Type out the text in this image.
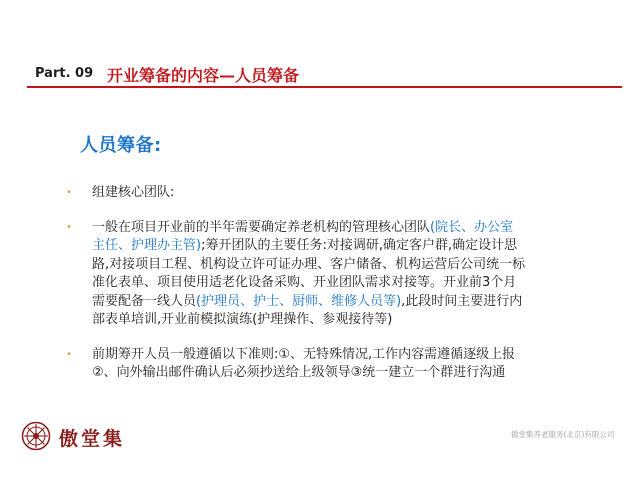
Part. 09 开业筹备的内容—人员筹备
人员筹备:
• 组建核心团队:
• 一般在项目开业前的半年需要确定养老机构的管理核心团队(院长、办公室主任、护理办主管);筹开团队的主要任务:对接调研,确定客户群,确定设计思路,对接项目工程、机构设立许可证办理、客户储备、机构运营后公司统一标准化表单、项目使用适老化设备采购、开业团队需求对接等。开业前3个月需要配备一线人员(护理员、护士、厨师、维修人员等),此段时间主要进行内部表单培训,开业前模拟演练(护理操作、参观接待等)
• 前期筹开人员一般遵循以下准则:①、无特殊情况,工作内容需遵循逐级上报②、向外输出邮件确认后必须抄送给上级领导③统一建立一个群进行沟通
傲堂集	傲堂集养老服务(北京)有限公司
